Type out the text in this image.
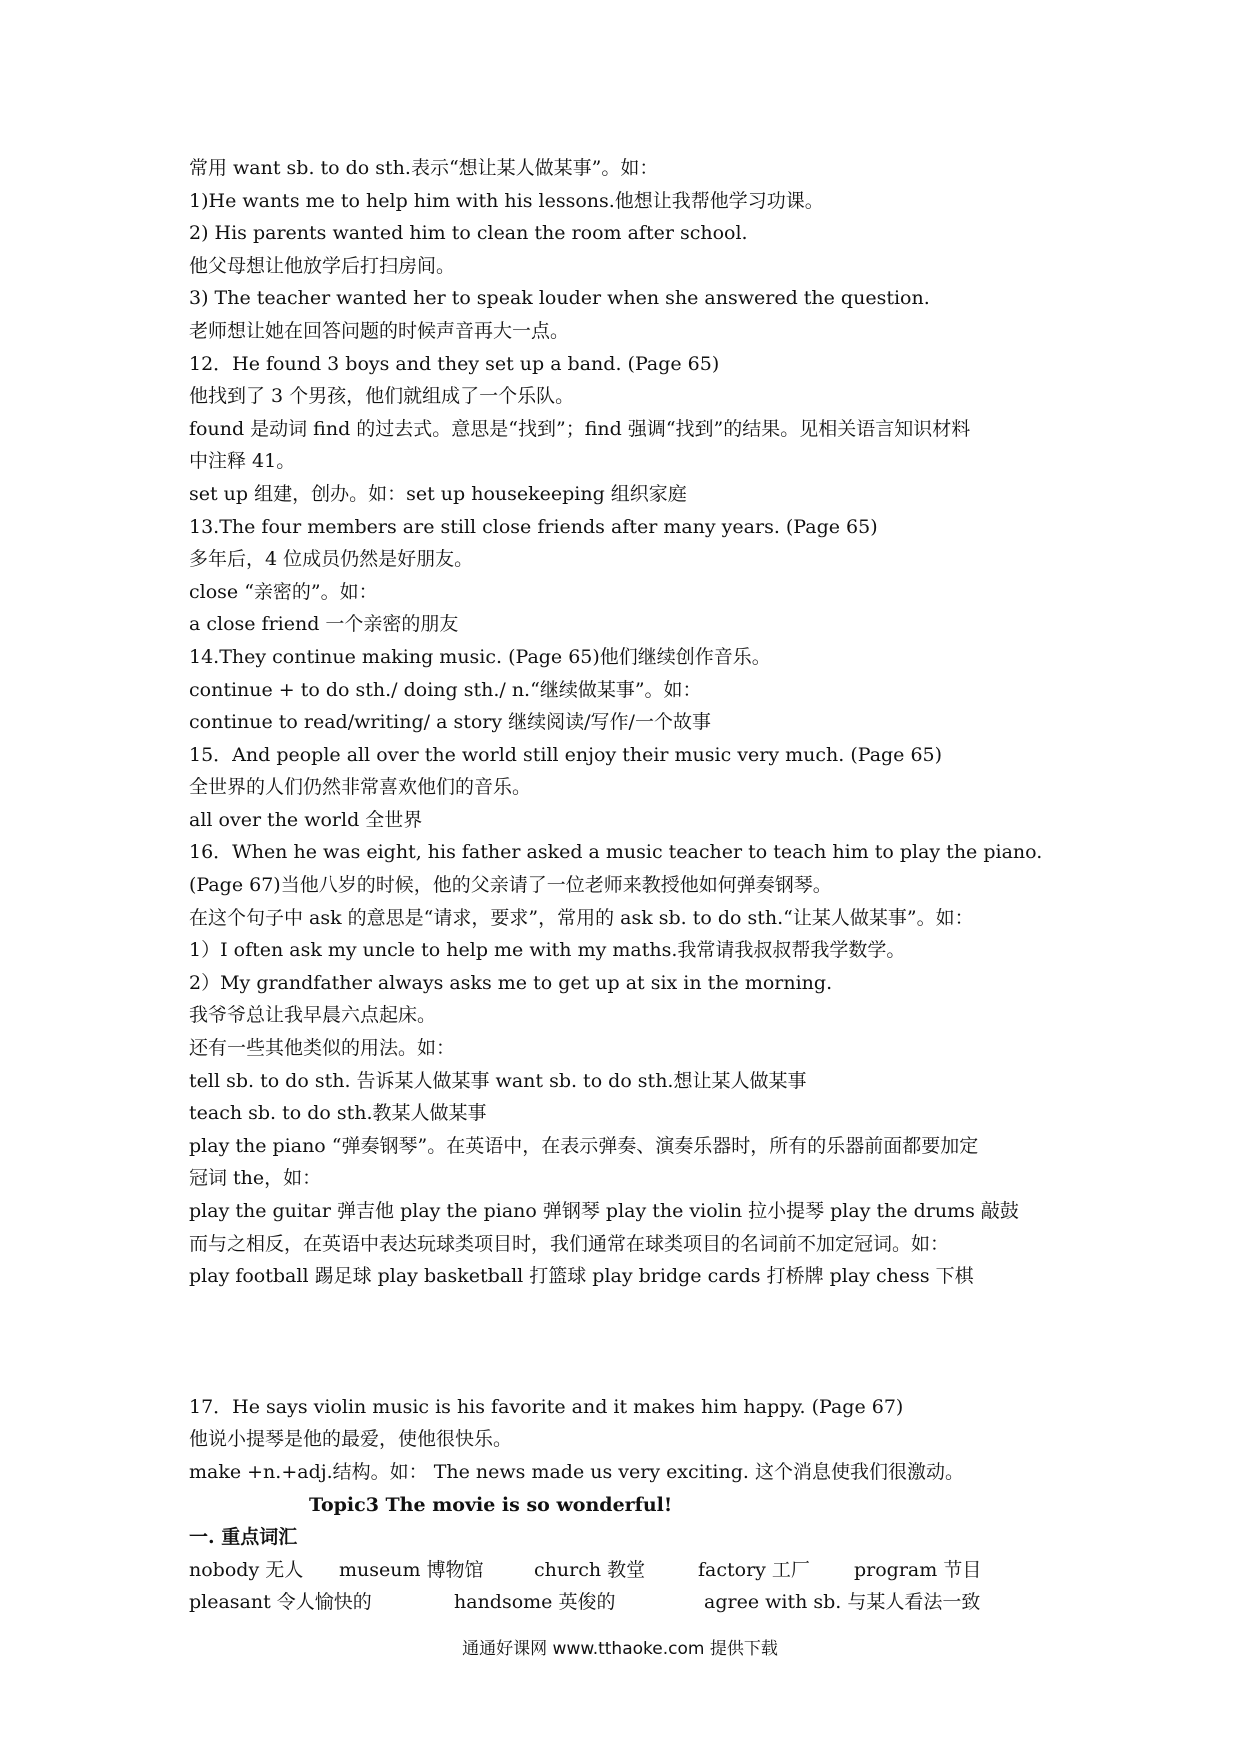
常用 want sb. to do sth.表示“想让某人做某事”。如：
1)He wants me to help him with his lessons.他想让我帮他学习功课。
2) His parents wanted him to clean the room after school.
他父母想让他放学后打扫房间。
3) The teacher wanted her to speak louder when she answered the question.
老师想让她在回答问题的时候声音再大一点。
12．He found 3 boys and they set up a band. (Page 65)
他找到了 3 个男孩，他们就组成了一个乐队。
found 是动词 find 的过去式。意思是“找到”；find 强调“找到”的结果。见相关语言知识材料
中注释 41。
set up 组建，创办。如：set up housekeeping 组织家庭
13.The four members are still close friends after many years. (Page 65)
多年后，4 位成员仍然是好朋友。
close “亲密的”。如：
a close friend 一个亲密的朋友
14.They continue making music. (Page 65)他们继续创作音乐。
continue + to do sth./ doing sth./ n.“继续做某事”。如：
continue to read/writing/ a story 继续阅读/写作/一个故事
15．And people all over the world still enjoy their music very much. (Page 65)
全世界的人们仍然非常喜欢他们的音乐。
all over the world 全世界
16．When he was eight, his father asked a music teacher to teach him to play the piano.
(Page 67)当他八岁的时候，他的父亲请了一位老师来教授他如何弹奏钢琴。
在这个句子中 ask 的意思是“请求，要求”，常用的 ask sb. to do sth.“让某人做某事”。如：
1）I often ask my uncle to help me with my maths.我常请我叔叔帮我学数学。
2）My grandfather always asks me to get up at six in the morning.
我爷爷总让我早晨六点起床。
还有一些其他类似的用法。如：
tell sb. to do sth. 告诉某人做某事 want sb. to do sth.想让某人做某事
teach sb. to do sth.教某人做某事
play the piano “弹奏钢琴”。在英语中，在表示弹奏、演奏乐器时，所有的乐器前面都要加定
冠词 the，如：
play the guitar 弹吉他 play the piano 弹钢琴 play the violin 拉小提琴 play the drums 敲鼓
而与之相反，在英语中表达玩球类项目时，我们通常在球类项目的名词前不加定冠词。如：
play football 踢足球 play basketball 打篮球 play bridge cards 打桥牌 play chess 下棋
17．He says violin music is his favorite and it makes him happy. (Page 67)
他说小提琴是他的最爱，使他很快乐。
make +n.+adj.结构。如： The news made us very exciting. 这个消息使我们很激动。
Topic3 The movie is so wonderful!
一. 重点词汇
nobody 无人	museum 博物馆	church 教堂	factory 工厂	program 节目
pleasant 令人愉快的	handsome 英俊的	agree with sb. 与某人看法一致
通通好课网 www.tthaoke.com 提供下载
